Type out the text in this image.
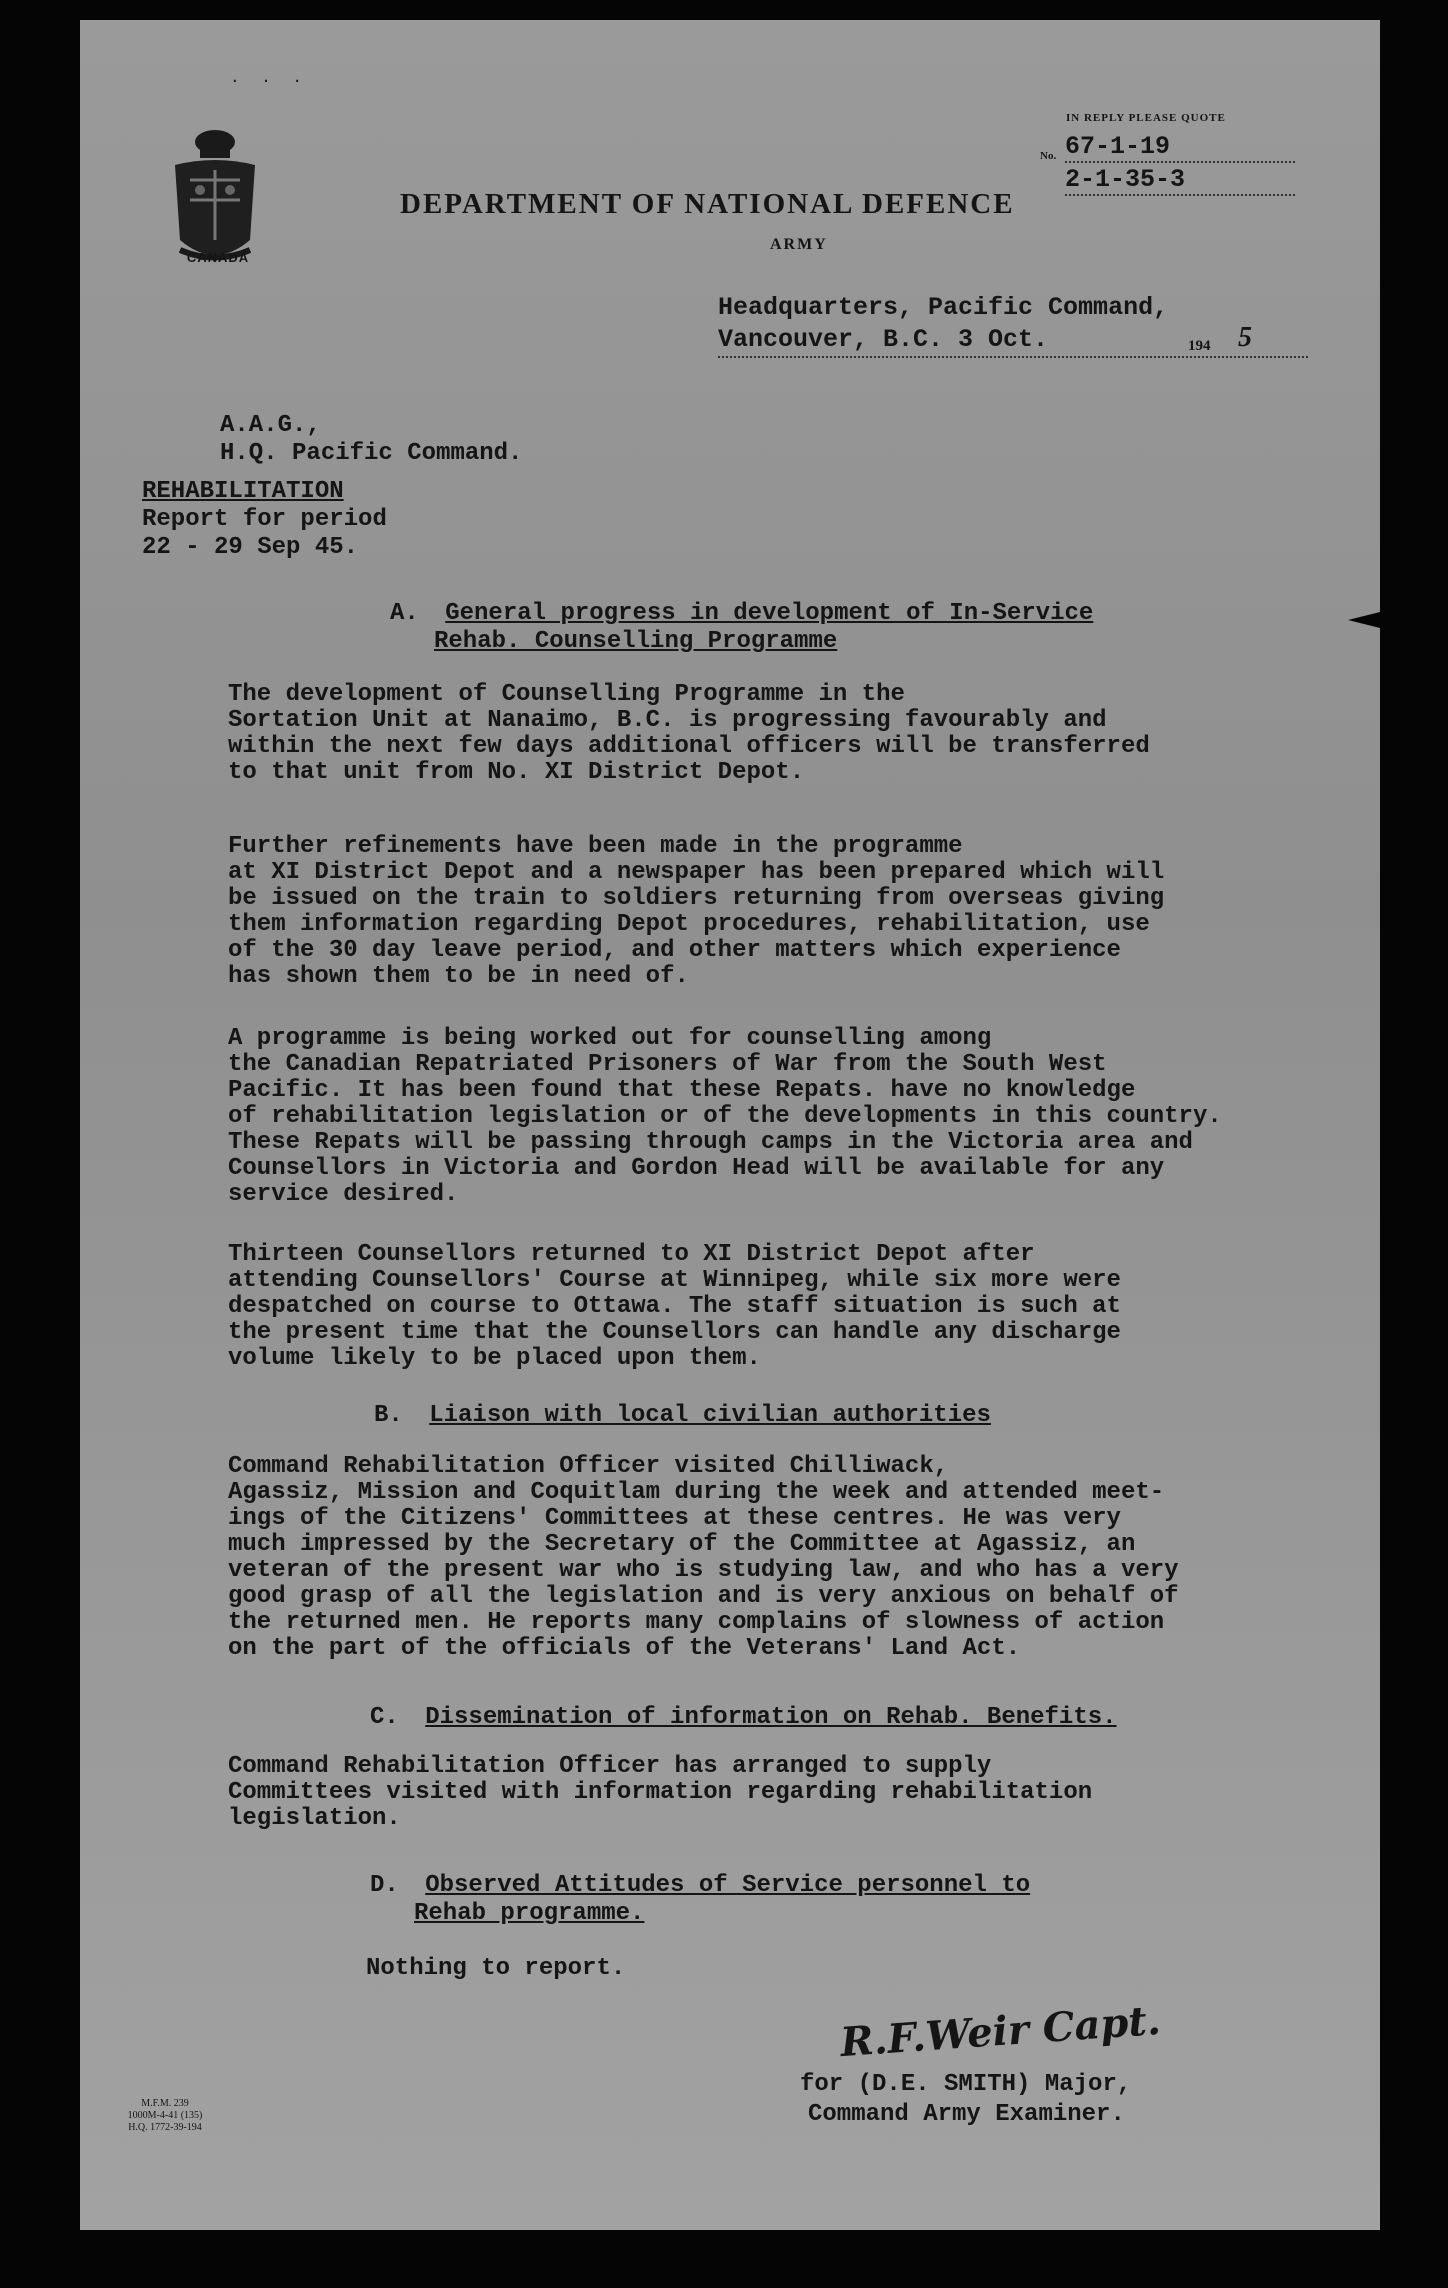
· · ·
CANADA
IN REPLY PLEASE QUOTE
No. 67-1-19
2-1-35-3
DEPARTMENT OF NATIONAL DEFENCE
ARMY
Headquarters, Pacific Command,
Vancouver, B.C. 3 Oct.	194 5
A.A.G.,
H.Q. Pacific Command.
REHABILITATION
Report for period
22 - 29 Sep 45.
A. General progress in development of In-Service
Rehab. Counselling Programme
The development of Counselling Programme in the
Sortation Unit at Nanaimo, B.C. is progressing favourably and
within the next few days additional officers will be transferred
to that unit from No. XI District Depot.
Further refinements have been made in the programme
at XI District Depot and a newspaper has been prepared which will
be issued on the train to soldiers returning from overseas giving
them information regarding Depot procedures, rehabilitation, use
of the 30 day leave period, and other matters which experience
has shown them to be in need of.
A programme is being worked out for counselling among
the Canadian Repatriated Prisoners of War from the South West
Pacific. It has been found that these Repats. have no knowledge
of rehabilitation legislation or of the developments in this country.
These Repats will be passing through camps in the Victoria area and
Counsellors in Victoria and Gordon Head will be available for any
service desired.
Thirteen Counsellors returned to XI District Depot after
attending Counsellors' Course at Winnipeg, while six more were
despatched on course to Ottawa. The staff situation is such at
the present time that the Counsellors can handle any discharge
volume likely to be placed upon them.
B. Liaison with local civilian authorities
Command Rehabilitation Officer visited Chilliwack,
Agassiz, Mission and Coquitlam during the week and attended meet-
ings of the Citizens' Committees at these centres. He was very
much impressed by the Secretary of the Committee at Agassiz, an
veteran of the present war who is studying law, and who has a very
good grasp of all the legislation and is very anxious on behalf of
the returned men. He reports many complains of slowness of action
on the part of the officials of the Veterans' Land Act.
C. Dissemination of information on Rehab. Benefits.
Command Rehabilitation Officer has arranged to supply
Committees visited with information regarding rehabilitation
legislation.
D. Observed Attitudes of Service personnel to
Rehab programme.
Nothing to report.
R.F.Weir Capt.
for (D.E. SMITH) Major,
Command Army Examiner.
M.F.M. 239
1000M-4-41 (135)
H.Q. 1772-39-194
